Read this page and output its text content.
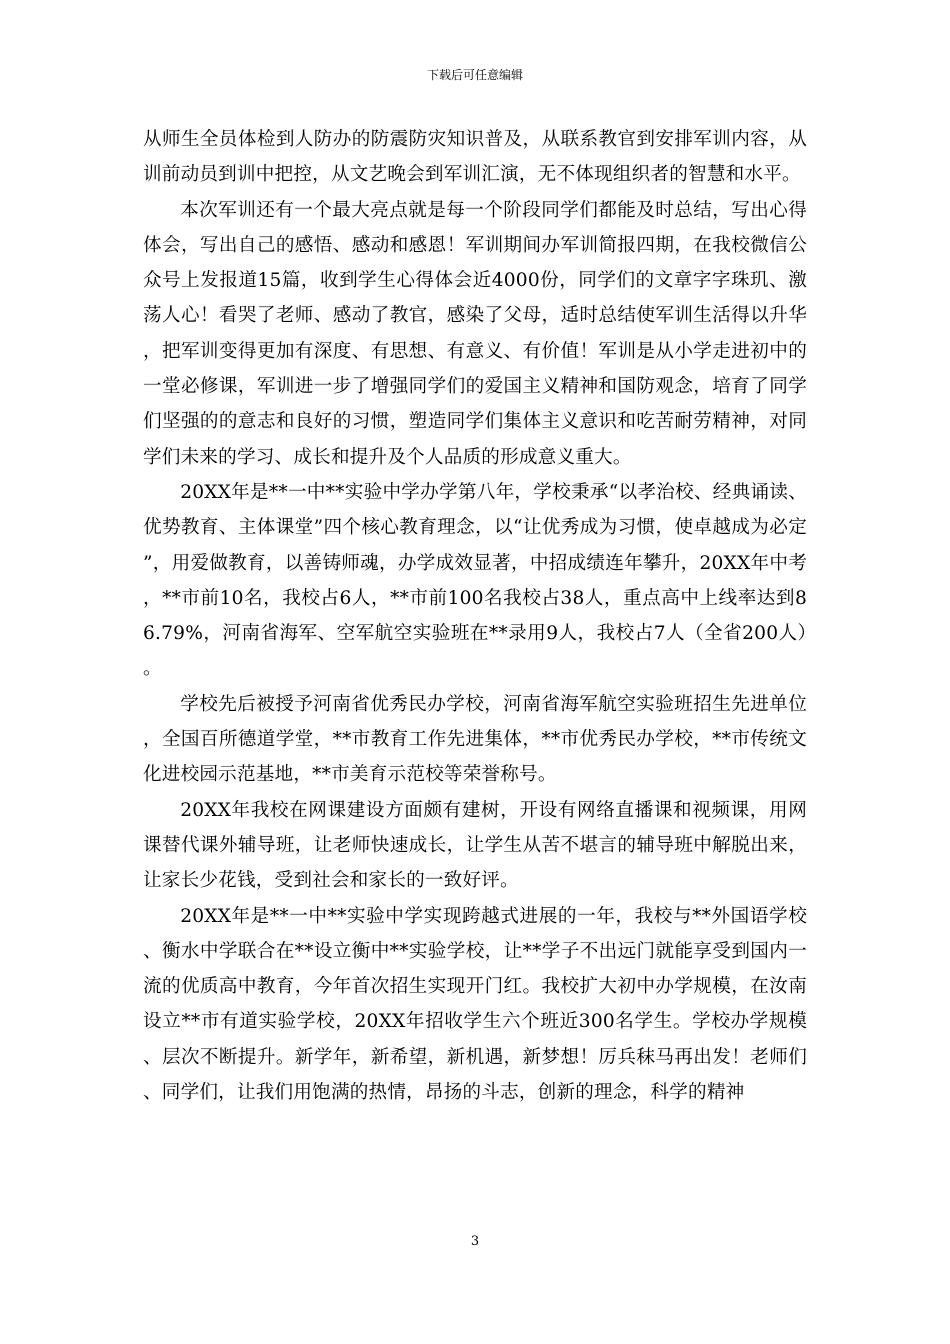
下载后可任意编辑

从师生全员体检到人防办的防震防灾知识普及，从联系教官到安排军训内容，从训前动员到训中把控，从文艺晚会到军训汇演，无不体现组织者的智慧和水平。

本次军训还有一个最大亮点就是每一个阶段同学们都能及时总结，写出心得体会，写出自己的感悟、感动和感恩！军训期间办军训简报四期，在我校微信公众号上发报道15篇，收到学生心得体会近4000份，同学们的文章字字珠玑、激荡人心！看哭了老师、感动了教官，感染了父母，适时总结使军训生活得以升华，把军训变得更加有深度、有思想、有意义、有价值！军训是从小学走进初中的一堂必修课，军训进一步了增强同学们的爱国主义精神和国防观念，培育了同学们坚强的的意志和良好的习惯，塑造同学们集体主义意识和吃苦耐劳精神，对同学们未来的学习、成长和提升及个人品质的形成意义重大。

20XX年是**一中**实验中学办学第八年，学校秉承“以孝治校、经典诵读、优势教育、主体课堂”四个核心教育理念，以“让优秀成为习惯，使卓越成为必定”，用爱做教育，以善铸师魂，办学成效显著，中招成绩连年攀升，20XX年中考，**市前10名，我校占6人，**市前100名我校占38人，重点高中上线率达到86.79%，河南省海军、空军航空实验班在**录用9人，我校占7人（全省200人）。

学校先后被授予河南省优秀民办学校，河南省海军航空实验班招生先进单位，全国百所德道学堂，**市教育工作先进集体，**市优秀民办学校，**市传统文化进校园示范基地，**市美育示范校等荣誉称号。

20XX年我校在网课建设方面颇有建树，开设有网络直播课和视频课，用网课替代课外辅导班，让老师快速成长，让学生从苦不堪言的辅导班中解脱出来，让家长少花钱，受到社会和家长的一致好评。

20XX年是**一中**实验中学实现跨越式进展的一年，我校与**外国语学校、衡水中学联合在**设立衡中**实验学校，让**学子不出远门就能享受到国内一流的优质高中教育，今年首次招生实现开门红。我校扩大初中办学规模，在汝南设立**市有道实验学校，20XX年招收学生六个班近300名学生。学校办学规模、层次不断提升。新学年，新希望，新机遇，新梦想！厉兵秣马再出发！老师们、同学们，让我们用饱满的热情，昂扬的斗志，创新的理念，科学的精神

3
